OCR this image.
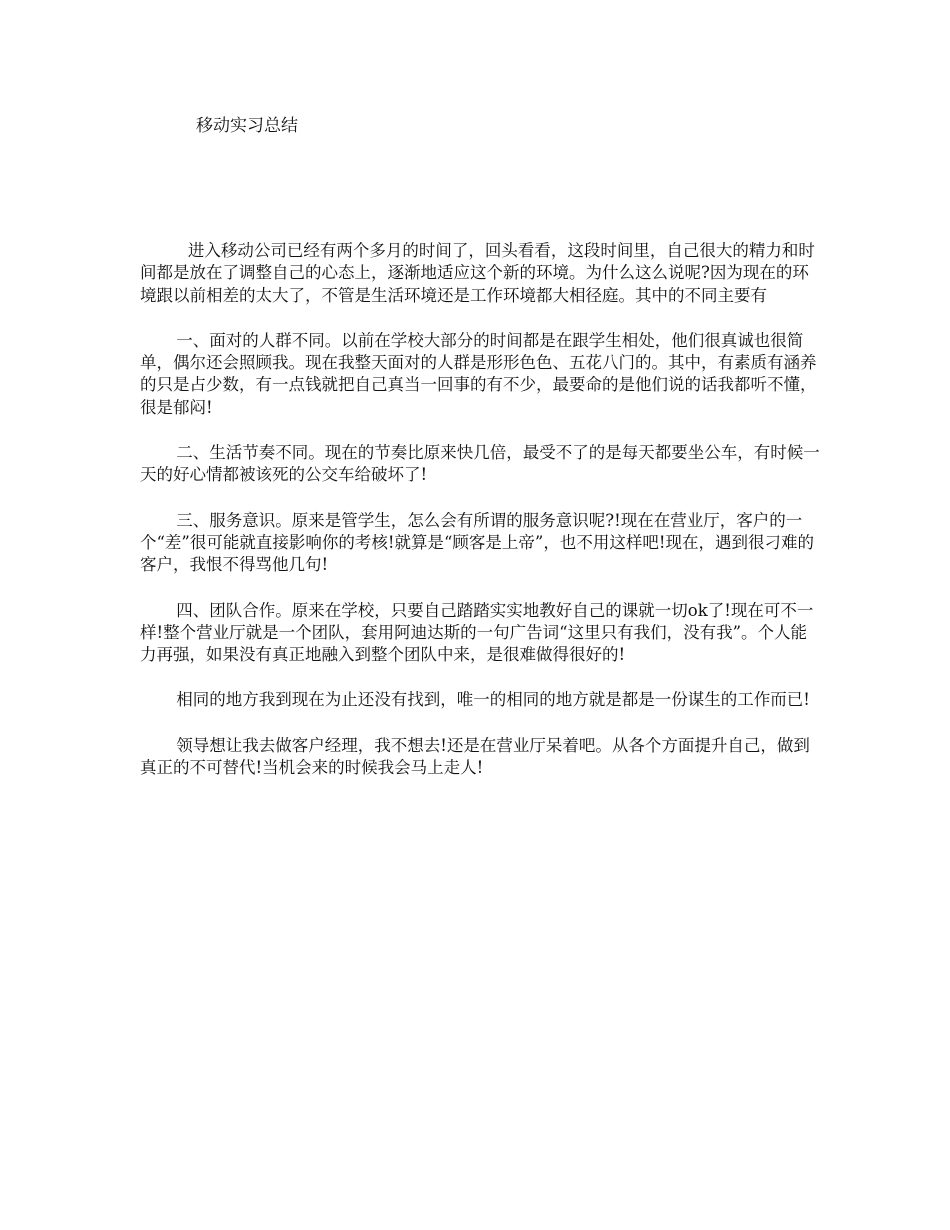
移动实习总结

进入移动公司已经有两个多月的时间了，回头看看，这段时间里，自己很大的精力和时间都是放在了调整自己的心态上，逐渐地适应这个新的环境。为什么这么说呢?因为现在的环境跟以前相差的太大了，不管是生活环境还是工作环境都大相径庭。其中的不同主要有

一、面对的人群不同。以前在学校大部分的时间都是在跟学生相处，他们很真诚也很简单，偶尔还会照顾我。现在我整天面对的人群是形形色色、五花八门的。其中，有素质有涵养的只是占少数，有一点钱就把自己真当一回事的有不少，最要命的是他们说的话我都听不懂，很是郁闷!

二、生活节奏不同。现在的节奏比原来快几倍，最受不了的是每天都要坐公车，有时候一天的好心情都被该死的公交车给破坏了!

三、服务意识。原来是管学生，怎么会有所谓的服务意识呢?!现在在营业厅，客户的一个“差”很可能就直接影响你的考核!就算是“顾客是上帝”，也不用这样吧!现在，遇到很刁难的客户，我恨不得骂他几句!

四、团队合作。原来在学校，只要自己踏踏实实地教好自己的课就一切ok了!现在可不一样!整个营业厅就是一个团队，套用阿迪达斯的一句广告词“这里只有我们，没有我”。个人能力再强，如果没有真正地融入到整个团队中来，是很难做得很好的!

相同的地方我到现在为止还没有找到，唯一的相同的地方就是都是一份谋生的工作而已!

领导想让我去做客户经理，我不想去!还是在营业厅呆着吧。从各个方面提升自己，做到真正的不可替代!当机会来的时候我会马上走人!
